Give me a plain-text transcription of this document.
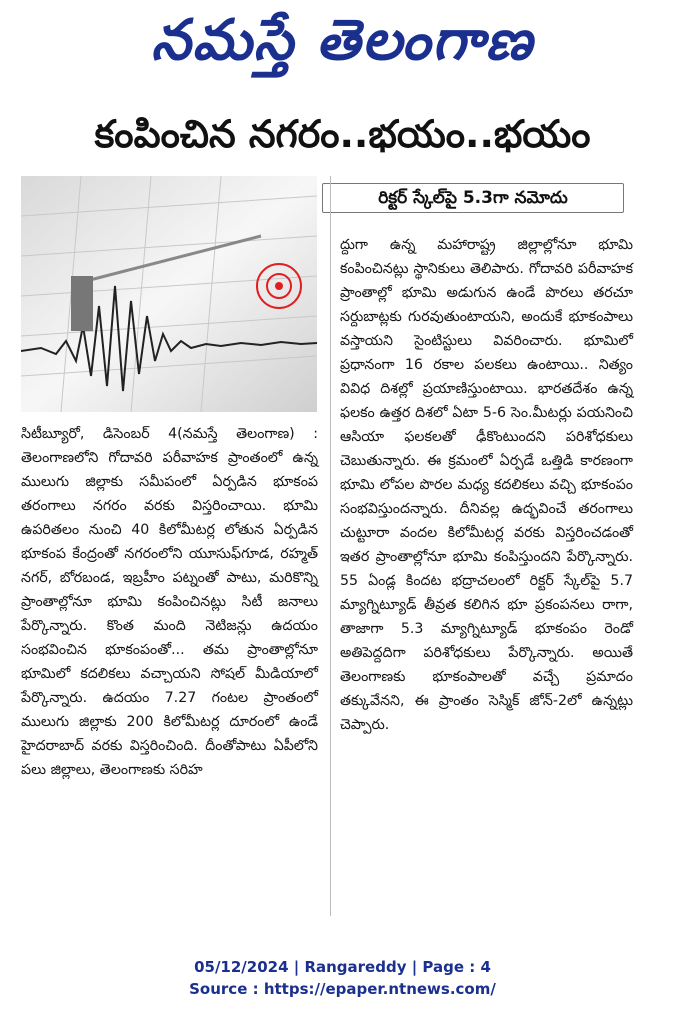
నమస్తే తెలంగాణ
కంపించిన నగరం..భయం..భయం
రిక్టర్ స్కేల్‌పై 5.3గా నమోదు

సిటీబ్యూరో, డిసెంబర్ 4(నమస్తే తెలంగాణ) : తెలంగాణలోని గోదావరి పరీవాహక ప్రాంతంలో ఉన్న ములుగు జిల్లాకు సమీపంలో ఏర్పడిన భూకంప తరంగాలు నగరం వరకు విస్తరించాయి. భూమి ఉపరితలం నుంచి 40 కిలోమీటర్ల లోతున ఏర్పడిన భూకంప కేంద్రంతో నగరంలోని యూసుఫ్‌గూడ, రహ్మత్ నగర్, బోరబండ, ఇబ్రహీం పట్నంతో పాటు, మరికొన్ని ప్రాంతాల్లోనూ భూమి కంపించినట్లు సిటీ జనాలు పేర్కొన్నారు. కొంత మంది నెటిజన్లు ఉదయం సంభవించిన భూకంపంతో... తమ ప్రాంతాల్లోనూ భూమిలో కదలికలు వచ్చాయని సోషల్ మీడియాలో పేర్కొన్నారు. ఉదయం 7.27 గంటల ప్రాంతంలో ములుగు జిల్లాకు 200 కిలోమీటర్ల దూరంలో ఉండే హైదరాబాద్ వరకు విస్తరించింది. దీంతోపాటు ఏపీలోని పలు జిల్లాలు, తెలంగాణకు సరిహ

ద్దుగా ఉన్న మహారాష్ట్ర జిల్లాల్లోనూ భూమి కంపించినట్లు స్థానికులు తెలిపారు. గోదావరి పరీవాహక ప్రాంతాల్లో భూమి అడుగున ఉండే పొరలు తరచూ సర్దుబాట్లకు గురవుతుంటాయని, అందుకే భూకంపాలు వస్తాయని సైంటిస్టులు వివరించారు. భూమిలో ప్రధానంగా 16 రకాల పలకలు ఉంటాయి.. నిత్యం వివిధ దిశల్లో ప్రయాణిస్తుంటాయి. భారతదేశం ఉన్న ఫలకం ఉత్తర దిశలో ఏటా 5-6 సెం.మీటర్లు పయనించి ఆసియా ఫలకలతో ఢీకొంటుందని పరిశోధకులు చెబుతున్నారు. ఈ క్రమంలో ఏర్పడే ఒత్తిడి కారణంగా భూమి లోపల పొరల మధ్య కదలికలు వచ్చి భూకంపం సంభవిస్తుందన్నారు. దీనివల్ల ఉద్భవించే తరంగాలు చుట్టూరా వందల కిలోమీటర్ల వరకు విస్తరించడంతో ఇతర ప్రాంతాల్లోనూ భూమి కంపిస్తుందని పేర్కొన్నారు. 55 ఏండ్ల కిందట భద్రాచలంలో రిక్టర్ స్కేల్‌పై 5.7 మ్యాగ్నిట్యూడ్ తీవ్రత కలిగిన భూ ప్రకంపనలు రాగా, తాజాగా 5.3 మ్యాగ్నిట్యూడ్ భూకంపం రెండో అతిపెద్దదిగా పరిశోధకులు పేర్కొన్నారు. అయితే తెలంగాణకు భూకంపాలతో వచ్చే ప్రమాదం తక్కువేనని, ఈ ప్రాంతం సెస్మిక్ జోన్-2లో ఉన్నట్లు చెప్పారు.

05/12/2024 | Rangareddy | Page : 4
Source : https://epaper.ntnews.com/
